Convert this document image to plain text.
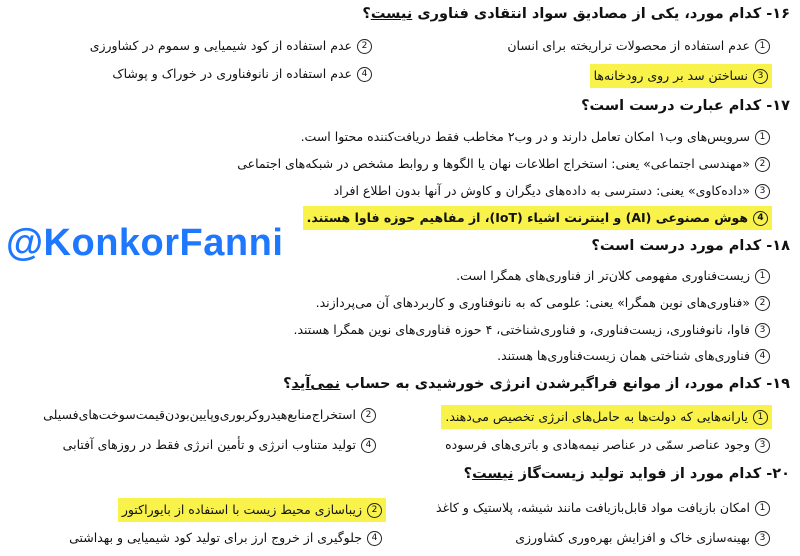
۱۶- کدام مورد، یکی از مصادیق سواد انتقادی فناوری نیست؟
1
عدم استفاده از محصولات تراریخته برای انسان
2
عدم استفاده از کود شیمیایی و سموم در کشاورزی
3
نساختن سد بر روی رودخانه‌ها
4
عدم استفاده از نانوفناوری در خوراک و پوشاک
۱۷- کدام عبارت درست است؟
1
سرویس‌های وب۱ امکان تعامل دارند و در وب۲ مخاطب فقط دریافت‌کننده محتوا است.
2
«مهندسی اجتماعی» یعنی: استخراج اطلاعات نهان یا الگوها و روابط مشخص در شبکه‌های اجتماعی
3
«داده‌کاوی» یعنی: دسترسی به داده‌های دیگران و کاوش در آنها بدون اطلاع افراد
4
هوش مصنوعی (AI) و اینترنت اشیاء (IoT)، از مفاهیم حوزه فاوا هستند.
@KonkorFanni	۱۸- کدام مورد درست است؟
1
زیست‌فناوری مفهومی کلان‌تر از فناوری‌های همگرا است.
2
«فناوری‌های نوین همگرا» یعنی: علومی که به نانوفناوری و کاربردهای آن می‌پردازند.
3
فاوا، نانوفناوری، زیست‌فناوری، و فناوری‌شناختی، ۴ حوزه فناوری‌های نوین همگرا هستند.
4
فناوری‌های شناختی همان زیست‌فناوری‌ها هستند.
۱۹- کدام مورد، از موانع فراگیرشدن انرژی خورشیدی به حساب نمی‌آید؟
1
یارانه‌هایی که دولت‌ها به حامل‌های انرژی تخصیص می‌دهند.
2
استخراج‌منابع‌هیدروکربوری‌وپایین‌بودن‌قیمت‌سوخت‌های‌فسیلی
3
وجود عناصر سمّی در عناصر نیمه‌هادی و باتری‌های فرسوده
4
تولید متناوب انرژی و تأمین انرژی فقط در روزهای آفتابی
۲۰- کدام مورد از فواید تولید زیست‌گاز نیست؟
1
امکان بازیافت مواد قابل‌بازیافت مانند شیشه، پلاستیک و کاغذ
2
زیباسازی محیط زیست با استفاده از بایوراکتور
3
بهینه‌سازی خاک و افزایش بهره‌وری کشاورزی
4
جلوگیری از خروج ارز برای تولید کود شیمیایی و بهداشتی
